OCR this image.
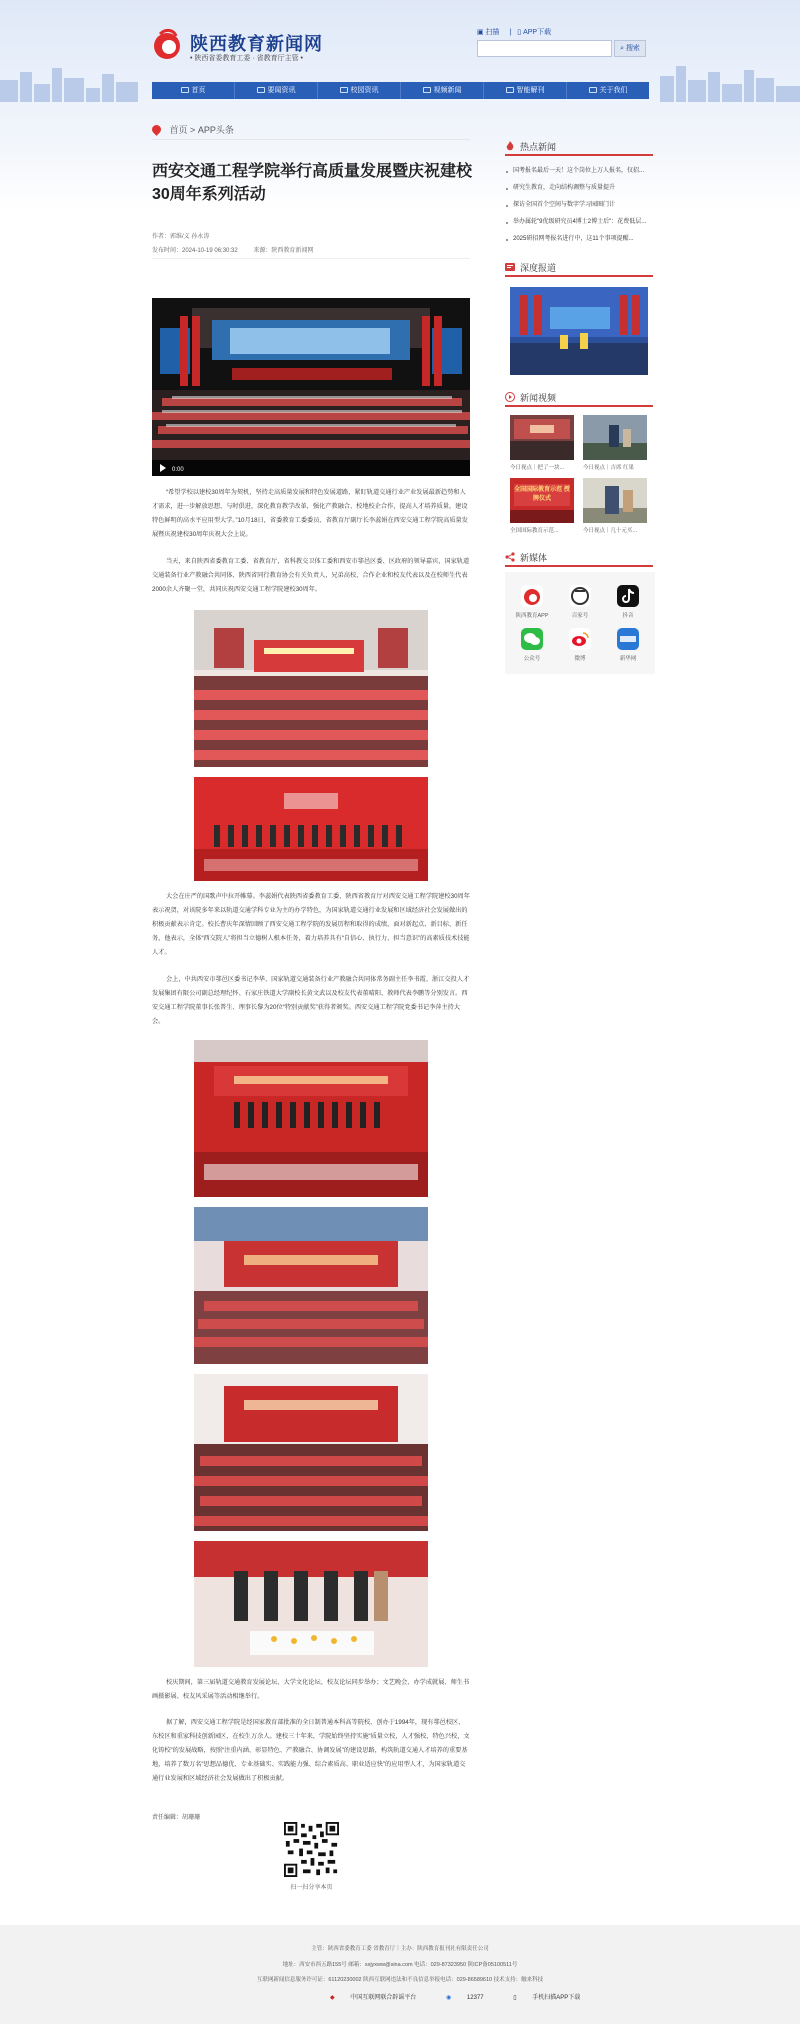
陕西教育新闻网
• 陕西省委教育工委 · 省教育厅主管 •
▣ 扫描 | ▯ APP下载
⌕ 搜索
首页	要闻资讯	校园资讯	视频新闻	智能解刊	关于我们
首页 > APP头条
西安交通工程学院举行高质量发展暨庆祝建校30周年系列活动
作者：郭维/义 孙永涛
发布时间：2024-10-19 06:30:32	来源：陕西教育新闻网
0:00

“希望学校以建校30周年为契机，坚持走高质量发展和特色发展道路，紧盯轨道交通行业产业发展最新趋势和人才需求，进一步解放思想、与时俱进，深化教育教学改革，强化产教融合、校地校企合作，提高人才培养质量，建设特色鲜明的高水平应用型大学。”10月18日，省委教育工委委员、省教育厅副厅长李蕊娟在西安交通工程学院高质量发展暨庆祝建校30周年庆祝大会上说。

当天，来自陕西省委教育工委、省教育厅，省科教交卫体工委和西安市鄠邑区委、区政府的领导嘉宾，国家轨道交通装备行业产教融合共同体、陕西省同行教育协会有关负责人，兄弟高校、合作企业和校友代表以及在校师生代表2000余人齐聚一堂，共同庆祝西安交通工程学院建校30周年。

大会在庄严的国歌声中拉开帷幕。李蕊娟代表陕西省委教育工委、陕西省教育厅对西安交通工程学院建校30周年表示祝贺，对该院多年来以轨道交通学科专业为主的办学特色，为国家轨道交通行业发展和区域经济社会发展做出的积极贡献表示肯定。校长曹庆年深情回顾了西安交通工程学院的发展历程和取得的成绩，面对新起点、新目标、新任务，他表示，全体“西交院人”将担当立德树人根本任务，着力培养具有“自信心、执行力、担当意识”的高素质技术技能人才。

会上，中共西安市鄠邑区委书记李华、国家轨道交通装备行业产教融合共同体常务副主任李书霞、浙江交投人才发展集团有限公司副总经理纪怀、石家庄铁道大学副校长黄文武以及校友代表董晴阳、教师代表李鹏等分别发言。西安交通工程学院董事长张普生、理事长黎为20位“特别贡献奖”获得者颁奖。西安交通工程学院党委书记李萍主持大会。

校庆期间，第三届轨道交通教育发展论坛、大学文化论坛、校友论坛同步举办；文艺晚会、办学成就展、师生书画摄影展、校友风采展等活动相继举行。

据了解，西安交通工程学院是经国家教育部批准的全日制普通本科高等院校，创办于1994年，现有鄠邑校区、东校区和重家科技创新园区，在校生万余人。建校三十年来，学院始终坚持实施“质量立校，人才强校，特色兴校，文化铸校”的发展战略，按照“注重内涵、彰显特色、产教融合、协调发展”的建设思路，构筑轨道交通人才培养的重要基地，培养了数万名“思想品德优、专业基础实、实践能力强、综合素质高、职业适应快”的应用型人才，为国家轨道交通行业发展和区域经济社会发展做出了积极贡献。

责任编辑：胡珊珊
扫一扫分享本页
热点新闻
国考报名最后一天！这个岗位上万人报名，仅招...
研究生教育，走向结构调整与质量提升
探访全国首个空间与数字学习园圈门计
举办属轮"9优级研究员4博士2博士后"：花费低层...
2025研招网考报名进行中，这11个事项提醒...
深度报道
新闻视频
今日视点｜把了一块...	今日视点｜吉席 红果
全国国际教育示范 授牌仪式
全国国际教育示范...	今日视点｜几十元买...
新媒体
陕西教育APP	百家号	抖音
公众号	微博	新华网
主管：陕西省委教育工委 省教育厅｜主办：陕西教育报刊社有限责任公司
地址：西安市西五路155号 邮箱：sxjyxww@sina.com 电话：029-87323950 陕ICP备05100511号
互联网新闻信息服务许可证：61120230002 陕西互联网违法和不良信息举报电话：029-86589610 技术支持：触来科技
◆	中国互联网联合辟谣平台	◉	12377	▯	手机扫描APP下载
